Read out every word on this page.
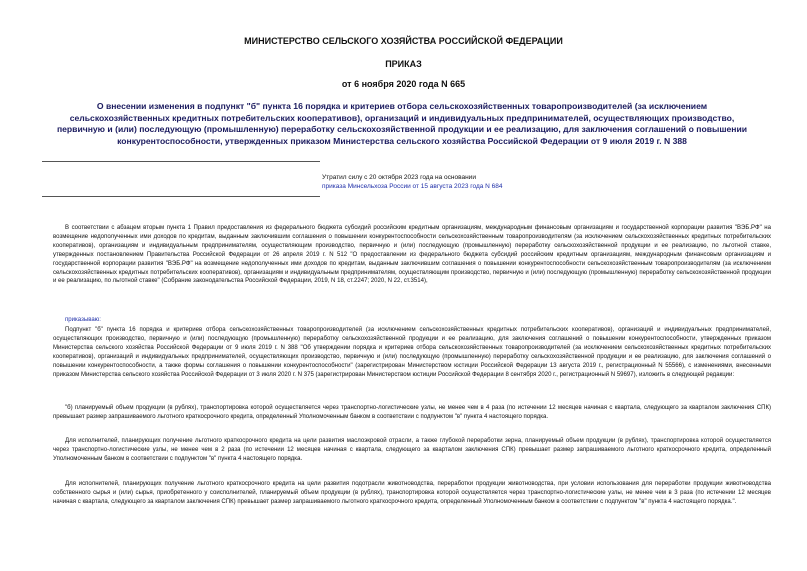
МИНИСТЕРСТВО СЕЛЬСКОГО ХОЗЯЙСТВА РОССИЙСКОЙ ФЕДЕРАЦИИ
ПРИКАЗ
от 6 ноября 2020 года N 665
О внесении изменения в подпункт "б" пункта 16 порядка и критериев отбора сельскохозяйственных товаропроизводителей (за исключением
сельскохозяйственных кредитных потребительских кооперативов), организаций и индивидуальных предпринимателей, осуществляющих производство,
первичную и (или) последующую (промышленную) переработку сельскохозяйственной продукции и ее реализацию, для заключения соглашений о повышении
конкурентоспособности, утвержденных приказом Министерства сельского хозяйства Российской Федерации от 9 июля 2019 г. N 388
Утратил силу с 20 октября 2023 года на основании
приказа Минсельхоза России от 15 августа 2023 года N 684
В соответствии с абзацем вторым пункта 1 Правил предоставления из федерального бюджета субсидий российским кредитным организациям, международным финансовым организациям и государственной корпорации развития "ВЭБ.РФ" на возмещение недополученных ими доходов по кредитам, выданным заключившим соглашения о повышении конкурентоспособности сельскохозяйственным товаропроизводителям (за исключением сельскохозяйственных кредитных потребительских кооперативов), организациям и индивидуальным предпринимателям, осуществляющим производство, первичную и (или) последующую (промышленную) переработку сельскохозяйственной продукции и ее реализацию, по льготной ставке, утвержденных постановлением Правительства Российской Федерации от 26 апреля 2019 г. N 512 "О предоставлении из федерального бюджета субсидий российским кредитным организациям, международным финансовым организациям и государственной корпорации развития "ВЭБ.РФ" на возмещение недополученных ими доходов по кредитам, выданным заключившим соглашения о повышении конкурентоспособности сельскохозяйственным товаропроизводителям (за исключением сельскохозяйственных кредитных потребительских кооперативов), организациям и индивидуальным предпринимателям, осуществляющим производство, первичную и (или) последующую (промышленную) переработку сельскохозяйственной продукции и ее реализацию, по льготной ставке" (Собрание законодательства Российской Федерации, 2019, N 18, ст.2247; 2020, N 22, ст.3514),
приказываю:
Подпункт "б" пункта 16 порядка и критериев отбора сельскохозяйственных товаропроизводителей (за исключением сельскохозяйственных кредитных потребительских кооперативов), организаций и индивидуальных предпринимателей, осуществляющих производство, первичную и (или) последующую (промышленную) переработку сельскохозяйственной продукции и ее реализацию, для заключения соглашений о повышении конкурентоспособности, утвержденных приказом Министерства сельского хозяйства Российской Федерации от 9 июля 2019 г. N 388 "Об утверждении порядка и критериев отбора сельскохозяйственных товаропроизводителей (за исключением сельскохозяйственных кредитных потребительских кооперативов), организаций и индивидуальных предпринимателей, осуществляющих производство, первичную и (или) последующую (промышленную) переработку сельскохозяйственной продукции и ее реализацию, для заключения соглашений о повышении конкурентоспособности, а также формы соглашения о повышении конкурентоспособности" (зарегистрирован Министерством юстиции Российской Федерации 13 августа 2019 г., регистрационный N 55566), с изменениями, внесенными приказом Министерства сельского хозяйства Российской Федерации от 3 июля 2020 г. N 375 (зарегистрирован Министерством юстиции Российской Федерации 8 сентября 2020 г., регистрационный N 59697), изложить в следующей редакции:
"б) планируемый объем продукции (в рублях), транспортировка которой осуществляется через транспортно-логистические узлы, не менее чем в 4 раза (по истечении 12 месяцев начиная с квартала, следующего за кварталом заключения СПК) превышает размер запрашиваемого льготного краткосрочного кредита, определенный Уполномоченным банком в соответствии с подпунктом "в" пункта 4 настоящего порядка.
Для исполнителей, планирующих получение льготного краткосрочного кредита на цели развития маслоэкровой отрасли, а также глубокой переработки зерна, планируемый объем продукции (в рублях), транспортировка которой осуществляется через транспортно-логистические узлы, не менее чем в 2 раза (по истечении 12 месяцев начиная с квартала, следующего за кварталом заключения СПК) превышает размер запрашиваемого льготного краткосрочного кредита, определенный Уполномоченным банком в соответствии с подпунктом "в" пункта 4 настоящего порядка.
Для исполнителей, планирующих получение льготного краткосрочного кредита на цели развития подотрасли животноводства, переработки продукции животноводства, при условии использования для переработки продукции животноводства собственного сырья и (или) сырья, приобретенного у соисполнителей, планируемый объем продукции (в рублях), транспортировка которой осуществляется через транспортно-логистические узлы, не менее чем в 3 раза (по истечении 12 месяцев начиная с квартала, следующего за кварталом заключения СПК) превышает размер запрашиваемого льготного краткосрочного кредита, определенный Уполномоченным банком в соответствии с подпунктом "в" пункта 4 настоящего порядка.".
